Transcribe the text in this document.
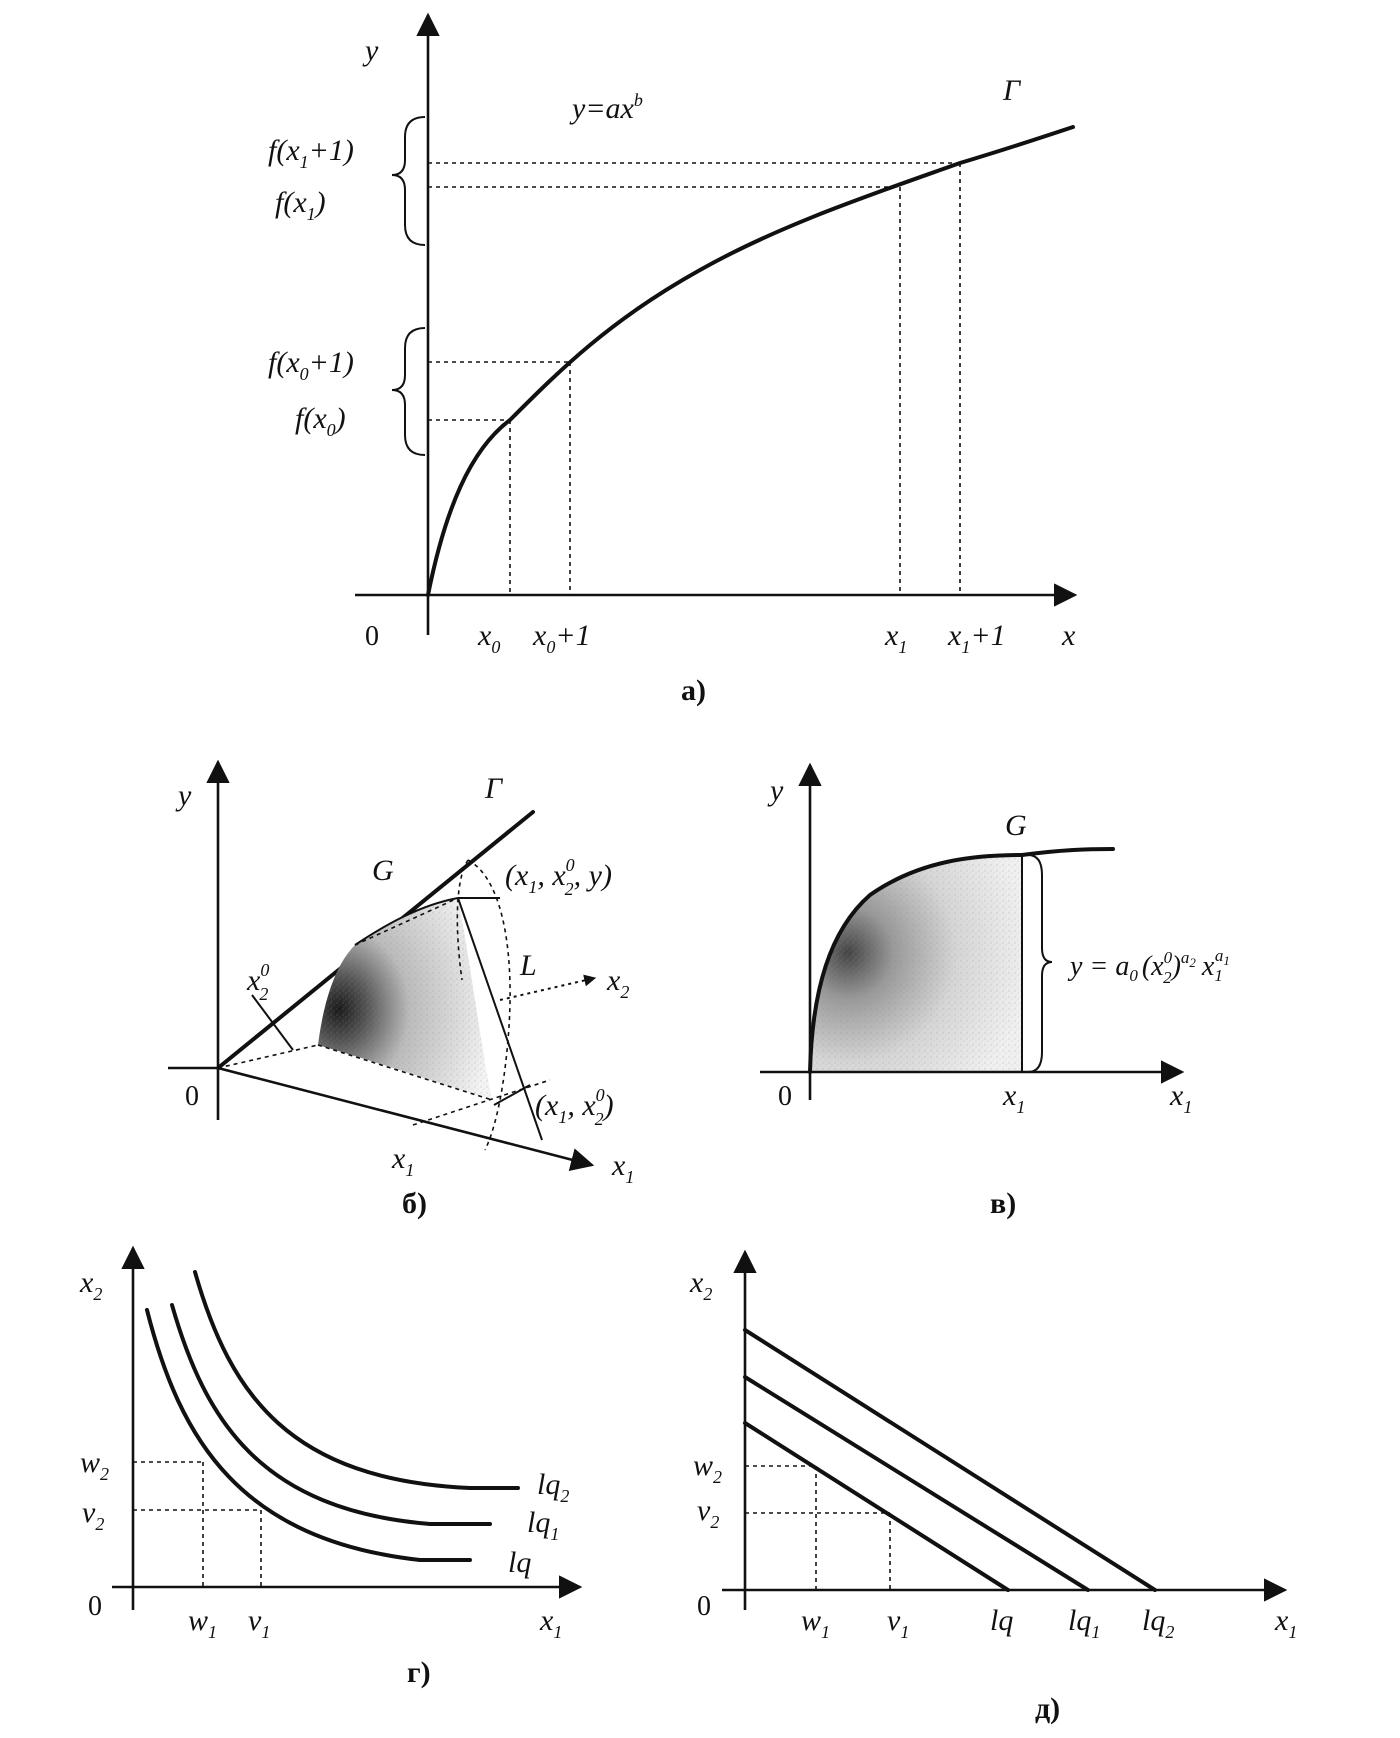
y
x
0
Γ
$y=ax^b$
$f(x_1+1)$
$f(x_1)$
$f(x_0+1)$
$f(x_0)$
$x_0$ $x_0+1$	$x_1$ $x_1+1$
а)
y
0
Γ
G
L
$x^0$ 2	$x_2$
$x_1$
$x_1$
($x_1$, $x^0$ 2, y)
($x_1$, $x^0$ 2)
б)
y
0
G
$x_1$	$x_1$
$y = a_0$ ($x^0$ 2)$^a$2 $x_1a1$
в)
$x_2$
$x_1$
0
$w_2$
$v_2$
$w_1$ $v_1$
lq
$lq_1$
$lq_2$
г)
$x_2$
$x_1$
0
$w_2$
$v_2$
$w_1$ $v_1$	lq $lq_1$ $lq_2$
д)
